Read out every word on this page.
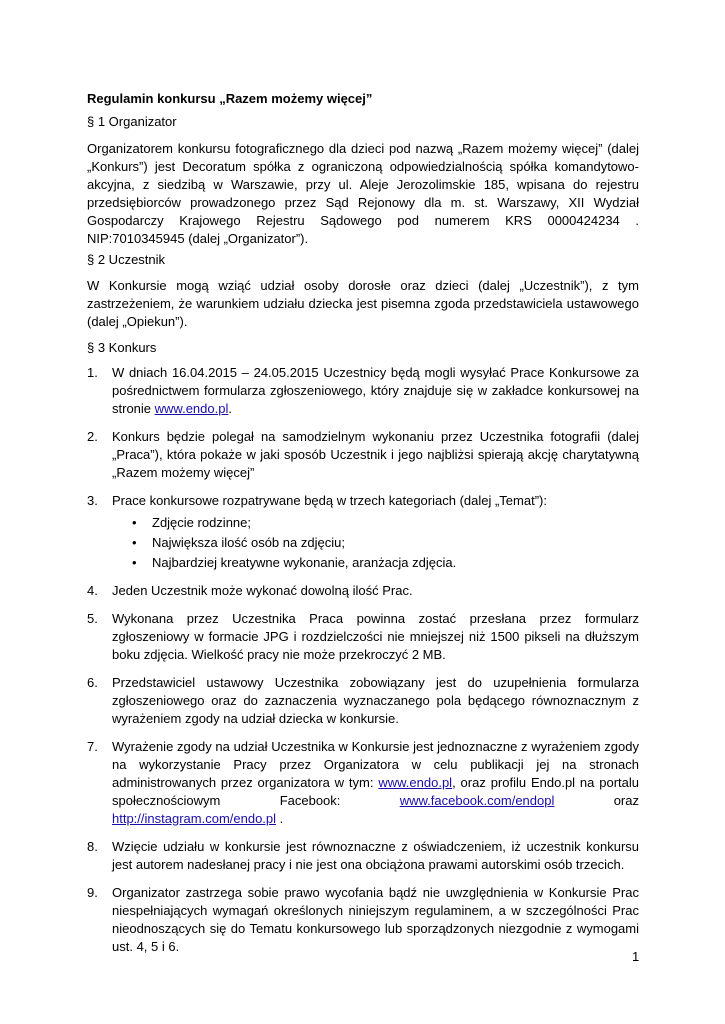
Regulamin konkursu „Razem możemy więcej”
§ 1 Organizator
Organizatorem konkursu fotograficznego dla dzieci pod nazwą „Razem możemy więcej” (dalej „Konkurs”) jest Decoratum spółka z ograniczoną odpowiedzialnością spółka komandytowo-akcyjna, z siedzibą w Warszawie, przy ul. Aleje Jerozolimskie 185, wpisana do rejestru przedsiębiorców prowadzonego przez Sąd Rejonowy dla m. st. Warszawy, XII Wydział Gospodarczy Krajowego Rejestru Sądowego pod numerem KRS 0000424234 . NIP:7010345945 (dalej „Organizator”).
§ 2 Uczestnik
W Konkursie mogą wziąć udział osoby dorosłe oraz dzieci (dalej „Uczestnik”), z tym zastrzeżeniem, że warunkiem udziału dziecka jest pisemna zgoda przedstawiciela ustawowego (dalej „Opiekun”).
§ 3 Konkurs
1. W dniach 16.04.2015 – 24.05.2015 Uczestnicy będą mogli wysyłać Prace Konkursowe za pośrednictwem formularza zgłoszeniowego, który znajduje się w zakładce konkursowej na stronie www.endo.pl.
2. Konkurs będzie polegał na samodzielnym wykonaniu przez Uczestnika fotografii (dalej „Praca”), która pokaże w jaki sposób Uczestnik i jego najbliżsi spierają akcję charytatywną „Razem możemy więcej”
3. Prace konkursowe rozpatrywane będą w trzech kategoriach (dalej „Temat”):
• Zdjęcie rodzinne;
• Największa ilość osób na zdjęciu;
• Najbardziej kreatywne wykonanie, aranżacja zdjęcia.
4. Jeden Uczestnik może wykonać dowolną ilość Prac.
5. Wykonana przez Uczestnika Praca powinna zostać przesłana przez formularz zgłoszeniowy w formacie JPG i rozdzielczości nie mniejszej niż 1500 pikseli na dłuższym boku zdjęcia. Wielkość pracy nie może przekroczyć 2 MB.
6. Przedstawiciel ustawowy Uczestnika zobowiązany jest do uzupełnienia formularza zgłoszeniowego oraz do zaznaczenia wyznaczanego pola będącego równoznacznym z wyrażeniem zgody na udział dziecka w konkursie.
7. Wyrażenie zgody na udział Uczestnika w Konkursie jest jednoznaczne z wyrażeniem zgody na wykorzystanie Pracy przez Organizatora w celu publikacji jej na stronach administrowanych przez organizatora w tym: www.endo.pl, oraz profilu Endo.pl na portalu społecznościowym Facebook: www.facebook.com/endopl oraz http://instagram.com/endo.pl .
8. Wzięcie udziału w konkursie jest równoznaczne z oświadczeniem, iż uczestnik konkursu jest autorem nadesłanej pracy i nie jest ona obciążona prawami autorskimi osób trzecich.
9. Organizator zastrzega sobie prawo wycofania bądź nie uwzględnienia w Konkursie Prac niespełniających wymagań określonych niniejszym regulaminem, a w szczególności Prac nieodnoszących się do Tematu konkursowego lub sporządzonych niezgodnie z wymogami ust. 4, 5 i 6.
1
